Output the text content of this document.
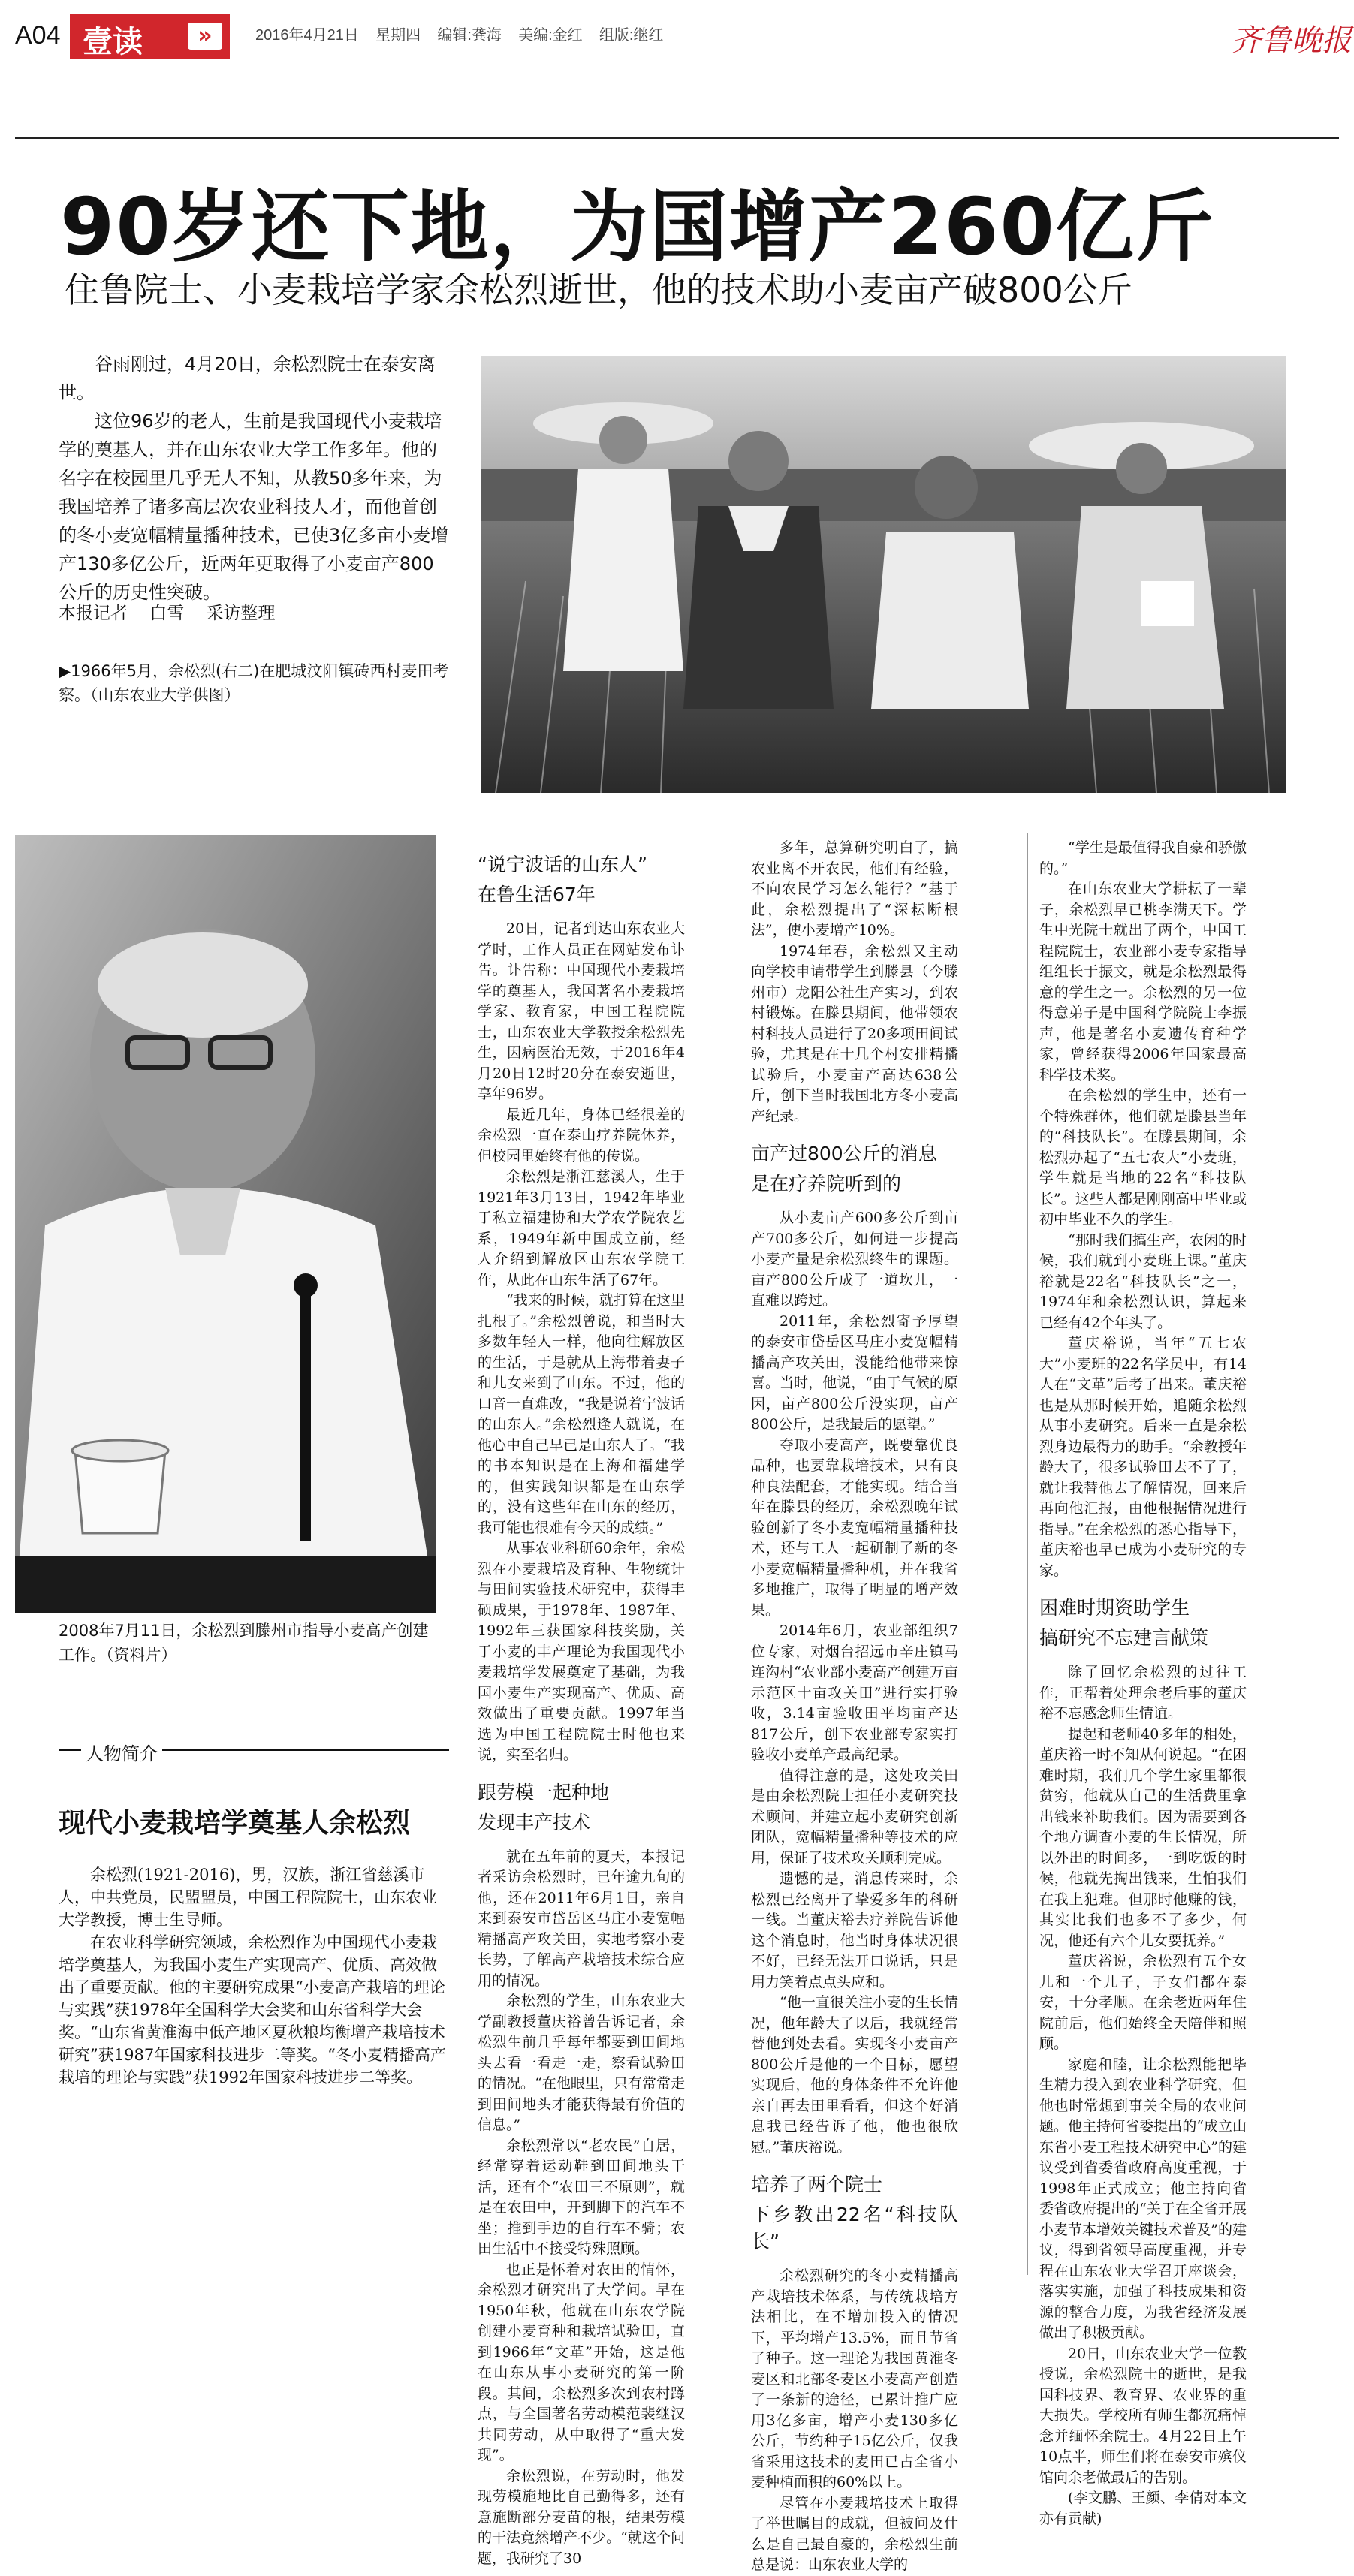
A04 壹读	»	2016年4月21日    星期四    编辑:龚海    美编:金红    组版:继红	齐鲁晚报
90岁还下地，为国增产260亿斤
住鲁院士、小麦栽培学家余松烈逝世，他的技术助小麦亩产破800公斤

谷雨刚过，4月20日，余松烈院士在泰安离世。

这位96岁的老人，生前是我国现代小麦栽培学的奠基人，并在山东农业大学工作多年。他的名字在校园里几乎无人不知，从教50多年来，为我国培养了诸多高层次农业科技人才，而他首创的冬小麦宽幅精量播种技术，已使3亿多亩小麦增产130多亿公斤，近两年更取得了小麦亩产800公斤的历史性突破。

本报记者    白雪    采访整理
▶1966年5月，余松烈(右二)在肥城汶阳镇砖西村麦田考察。（山东农业大学供图）
2008年7月11日，余松烈到滕州市指导小麦高产创建工作。（资料片）
人物简介
现代小麦栽培学奠基人余松烈

余松烈(1921-2016)，男，汉族，浙江省慈溪市人，中共党员，民盟盟员，中国工程院院士，山东农业大学教授，博士生导师。

在农业科学研究领域，余松烈作为中国现代小麦栽培学奠基人，为我国小麦生产实现高产、优质、高效做出了重要贡献。他的主要研究成果“小麦高产栽培的理论与实践”获1978年全国科学大会奖和山东省科学大会奖。“山东省黄淮海中低产地区夏秋粮均衡增产栽培技术研究”获1987年国家科技进步二等奖。“冬小麦精播高产栽培的理论与实践”获1992年国家科技进步二等奖。

“说宁波话的山东人”
在鲁生活67年

20日，记者到达山东农业大学时，工作人员正在网站发布讣告。讣告称：中国现代小麦栽培学的奠基人，我国著名小麦栽培学家、教育家，中国工程院院士，山东农业大学教授余松烈先生，因病医治无效，于2016年4月20日12时20分在泰安逝世，享年96岁。

最近几年，身体已经很差的余松烈一直在泰山疗养院休养，但校园里始终有他的传说。

余松烈是浙江慈溪人，生于1921年3月13日，1942年毕业于私立福建协和大学农学院农艺系，1949年新中国成立前，经人介绍到解放区山东农学院工作，从此在山东生活了67年。

“我来的时候，就打算在这里扎根了。”余松烈曾说，和当时大多数年轻人一样，他向往解放区的生活，于是就从上海带着妻子和儿女来到了山东。不过，他的口音一直难改，“我是说着宁波话的山东人。”余松烈逢人就说，在他心中自己早已是山东人了。“我的书本知识是在上海和福建学的，但实践知识都是在山东学的，没有这些年在山东的经历，我可能也很难有今天的成绩。”

从事农业科研60余年，余松烈在小麦栽培及育种、生物统计与田间实验技术研究中，获得丰硕成果，于1978年、1987年、1992年三获国家科技奖励，关于小麦的丰产理论为我国现代小麦栽培学发展奠定了基础，为我国小麦生产实现高产、优质、高效做出了重要贡献。1997年当选为中国工程院院士时他也来说，实至名归。

跟劳模一起种地
发现丰产技术

就在五年前的夏天，本报记者采访余松烈时，已年逾九旬的他，还在2011年6月1日，亲自来到泰安市岱岳区马庄小麦宽幅精播高产攻关田，实地考察小麦长势，了解高产栽培技术综合应用的情况。

余松烈的学生，山东农业大学副教授董庆裕曾告诉记者，余松烈生前几乎每年都要到田间地头去看一看走一走，察看试验田的情况。“在他眼里，只有常常走到田间地头才能获得最有价值的信息。”

余松烈常以“老农民”自居，经常穿着运动鞋到田间地头干活，还有个“农田三不原则”，就是在农田中，开到脚下的汽车不坐；推到手边的自行车不骑；农田生活中不接受特殊照顾。

也正是怀着对农田的情怀，余松烈才研究出了大学问。早在1950年秋，他就在山东农学院创建小麦育种和栽培试验田，直到1966年“文革”开始，这是他在山东从事小麦研究的第一阶段。其间，余松烈多次到农村蹲点，与全国著名劳动模范裴继汉共同劳动，从中取得了“重大发现”。

余松烈说，在劳动时，他发现劳模施地比自己勤得多，还有意施断部分麦苗的根，结果劳模的干法竟然增产不少。“就这个问题，我研究了30

多年，总算研究明白了，搞农业离不开农民，他们有经验，不向农民学习怎么能行？”基于此，余松烈提出了“深耘断根法”，使小麦增产10%。

1974年春，余松烈又主动向学校申请带学生到滕县（今滕州市）龙阳公社生产实习，到农村锻炼。在滕县期间，他带领农村科技人员进行了20多项田间试验，尤其是在十几个村安排精播试验后，小麦亩产高达638公斤，创下当时我国北方冬小麦高产纪录。

亩产过800公斤的消息
是在疗养院听到的

从小麦亩产600多公斤到亩产700多公斤，如何进一步提高小麦产量是余松烈终生的课题。亩产800公斤成了一道坎儿，一直难以跨过。

2011年，余松烈寄予厚望的泰安市岱岳区马庄小麦宽幅精播高产攻关田，没能给他带来惊喜。当时，他说，“由于气候的原因，亩产800公斤没实现，亩产800公斤，是我最后的愿望。”

夺取小麦高产，既要靠优良品种，也要靠栽培技术，只有良种良法配套，才能实现。结合当年在滕县的经历，余松烈晚年试验创新了冬小麦宽幅精量播种技术，还与工人一起研制了新的冬小麦宽幅精量播种机，并在我省多地推广，取得了明显的增产效果。

2014年6月，农业部组织7位专家，对烟台招远市辛庄镇马连沟村“农业部小麦高产创建万亩示范区十亩攻关田”进行实打验收，3.14亩验收田平均亩产达817公斤，创下农业部专家实打验收小麦单产最高纪录。

值得注意的是，这处攻关田是由余松烈院士担任小麦研究技术顾问，并建立起小麦研究创新团队，宽幅精量播种等技术的应用，保证了技术攻关顺利完成。

遗憾的是，消息传来时，余松烈已经离开了挚爱多年的科研一线。当董庆裕去疗养院告诉他这个消息时，他当时身体状况很不好，已经无法开口说话，只是用力笑着点点头应和。

“他一直很关注小麦的生长情况，他年龄大了以后，我就经常替他到处去看。实现冬小麦亩产800公斤是他的一个目标，愿望实现后，他的身体条件不允许他亲自再去田里看看，但这个好消息我已经告诉了他，他也很欣慰。”董庆裕说。

培养了两个院士
下乡教出22名“科技队长”

余松烈研究的冬小麦精播高产栽培技术体系，与传统栽培方法相比，在不增加投入的情况下，平均增产13.5%，而且节省了种子。这一理论为我国黄淮冬麦区和北部冬麦区小麦高产创造了一条新的途径，已累计推广应用3亿多亩，增产小麦130多亿公斤，节约种子15亿公斤，仅我省采用这技术的麦田已占全省小麦种植面积的60%以上。

尽管在小麦栽培技术上取得了举世瞩目的成就，但被问及什么是自己最自豪的，余松烈生前总是说：山东农业大学的

“学生是最值得我自豪和骄傲的。”

在山东农业大学耕耘了一辈子，余松烈早已桃李满天下。学生中光院士就出了两个，中国工程院院士，农业部小麦专家指导组组长于振文，就是余松烈最得意的学生之一。余松烈的另一位得意弟子是中国科学院院士李振声，他是著名小麦遗传育种学家，曾经获得2006年国家最高科学技术奖。

在余松烈的学生中，还有一个特殊群体，他们就是滕县当年的“科技队长”。在滕县期间，余松烈办起了“五七农大”小麦班，学生就是当地的22名“科技队长”。这些人都是刚刚高中毕业或初中毕业不久的学生。

“那时我们搞生产，农闲的时候，我们就到小麦班上课。”董庆裕就是22名“科技队长”之一，1974年和余松烈认识，算起来已经有42个年头了。

董庆裕说，当年“五七农大”小麦班的22名学员中，有14人在“文革”后考了出来。董庆裕也是从那时候开始，追随余松烈从事小麦研究。后来一直是余松烈身边最得力的助手。“余教授年龄大了，很多试验田去不了了，就让我替他去了解情况，回来后再向他汇报，由他根据情况进行指导。”在余松烈的悉心指导下，董庆裕也早已成为小麦研究的专家。

困难时期资助学生
搞研究不忘建言献策

除了回忆余松烈的过往工作，正帮着处理余老后事的董庆裕不忘感念师生情谊。

提起和老师40多年的相处，董庆裕一时不知从何说起。“在困难时期，我们几个学生家里都很贫穷，他就从自己的生活费里拿出钱来补助我们。因为需要到各个地方调查小麦的生长情况，所以外出的时间多，一到吃饭的时候，他就先掏出钱来，生怕我们在我上犯难。但那时他赚的钱，其实比我们也多不了多少，何况，他还有六个儿女要抚养。”

董庆裕说，余松烈有五个女儿和一个儿子，子女们都在泰安，十分孝顺。在余老近两年住院前后，他们始终全天陪伴和照顾。

家庭和睦，让余松烈能把毕生精力投入到农业科学研究，但他也时常想到事关全局的农业问题。他主持何省委提出的“成立山东省小麦工程技术研究中心”的建议受到省委省政府高度重视，于1998年正式成立；他主持向省委省政府提出的“关于在全省开展小麦节本增效关键技术普及”的建议，得到省领导高度重视，并专程在山东农业大学召开座谈会，落实实施，加强了科技成果和资源的整合力度，为我省经济发展做出了积极贡献。

20日，山东农业大学一位教授说，余松烈院士的逝世，是我国科技界、教育界、农业界的重大损失。学校所有师生都沉痛悼念并缅怀余院士。4月22日上午10点半，师生们将在泰安市殡仪馆向余老做最后的告别。

(李文鹏、王颜、李倩对本文亦有贡献)
